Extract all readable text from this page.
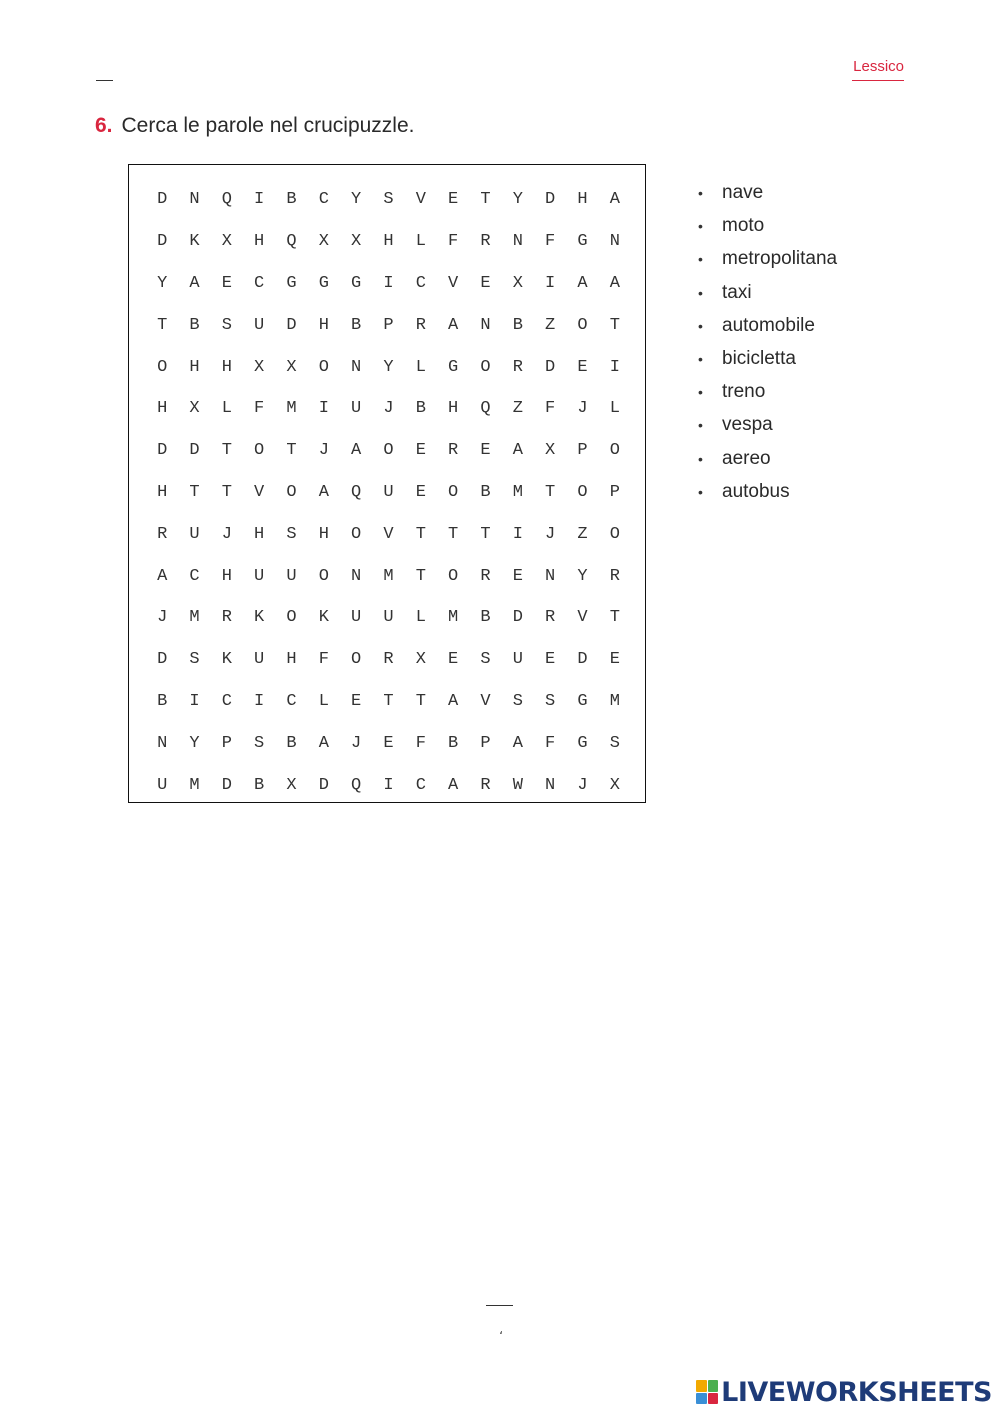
Lessico
6. Cerca le parole nel crucipuzzle.
D	N	Q	I	B	C	Y	S	V	E	T	Y	D	H	A
D	K	X	H	Q	X	X	H	L	F	R	N	F	G	N
Y	A	E	C	G	G	G	I	C	V	E	X	I	A	A
T	B	S	U	D	H	B	P	R	A	N	B	Z	O	T
O	H	H	X	X	O	N	Y	L	G	O	R	D	E	I
H	X	L	F	M	I	U	J	B	H	Q	Z	F	J	L
D	D	T	O	T	J	A	O	E	R	E	A	X	P	O
H	T	T	V	O	A	Q	U	E	O	B	M	T	O	P
R	U	J	H	S	H	O	V	T	T	T	I	J	Z	O
A	C	H	U	U	O	N	M	T	O	R	E	N	Y	R
J	M	R	K	O	K	U	U	L	M	B	D	R	V	T
D	S	K	U	H	F	O	R	X	E	S	U	E	D	E
B	I	C	I	C	L	E	T	T	A	V	S	S	G	M
N	Y	P	S	B	A	J	E	F	B	P	A	F	G	S
U	M	D	B	X	D	Q	I	C	A	R	W	N	J	X
• nave
• moto
• metropolitana
• taxi
• automobile
• bicicletta
• treno
• vespa
• aereo
• autobus
،
LIVEWORKSHEETS
